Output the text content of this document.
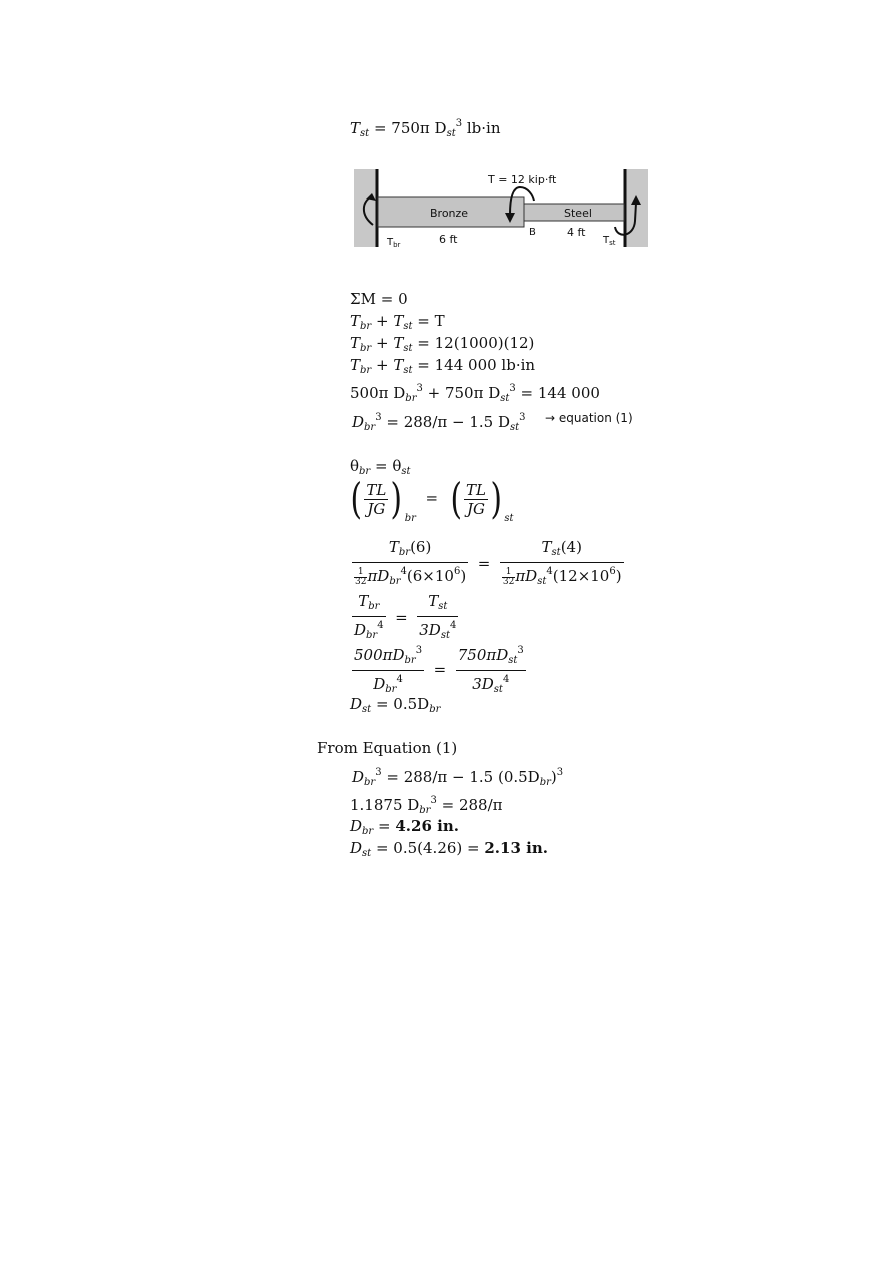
$T_{st} = 750\pi$ $D_{st}^3$ lb·in
T = 12 kip·ft
Bronze	Steel
6 ft
4 ft
B
$T_{br}$	$T_{st}$
ΣM = 0
$T_{br} + T_{st} = T$
$T_{br} + T_{st} = 12(1000)(12)$
$T_{br} + T_{st} = 144$ 000 lb·in
500π $D_{br}^3 + 750\pi$ $D_{st}^3 = 144$ 000
$D_{br}^3 = 288/\pi - 1.5$ $D_{st}^3$ → equation (1)
$\theta_{br} = \theta_{st}$
( $\frac{TL}{JG}$ ) $_{br}$  = ( $\frac{TL}{JG}$ ) $_{st}$
$\frac{T_{br}(6)}{\frac{1}{32} \pi D_{br}^4(6\times 10^6)} = \frac{T_{st}(4)}{\frac{1}{32} \pi D_{st}^4(12\times 10^6)}$
$\frac{T_{br}}{D_{br}^4} = \frac{T_{st}}{3D_{st}^4}$
$\frac{500\pi D_{br}^3}{D_{br}^4} = \frac{750\pi D_{st}^3}{3D_{st}^4}$
$D_{st} = 0.5D_{br}$
From Equation (1)
$D_{br}^3 = 288/\pi - 1.5$ $(0.5D_{br})^3$
1.1875 $D_{br}^3 = 288/\pi$
$D_{br} = 4.26$ in.
$D_{st} = 0.5(4.26) = 2.13$ in.
